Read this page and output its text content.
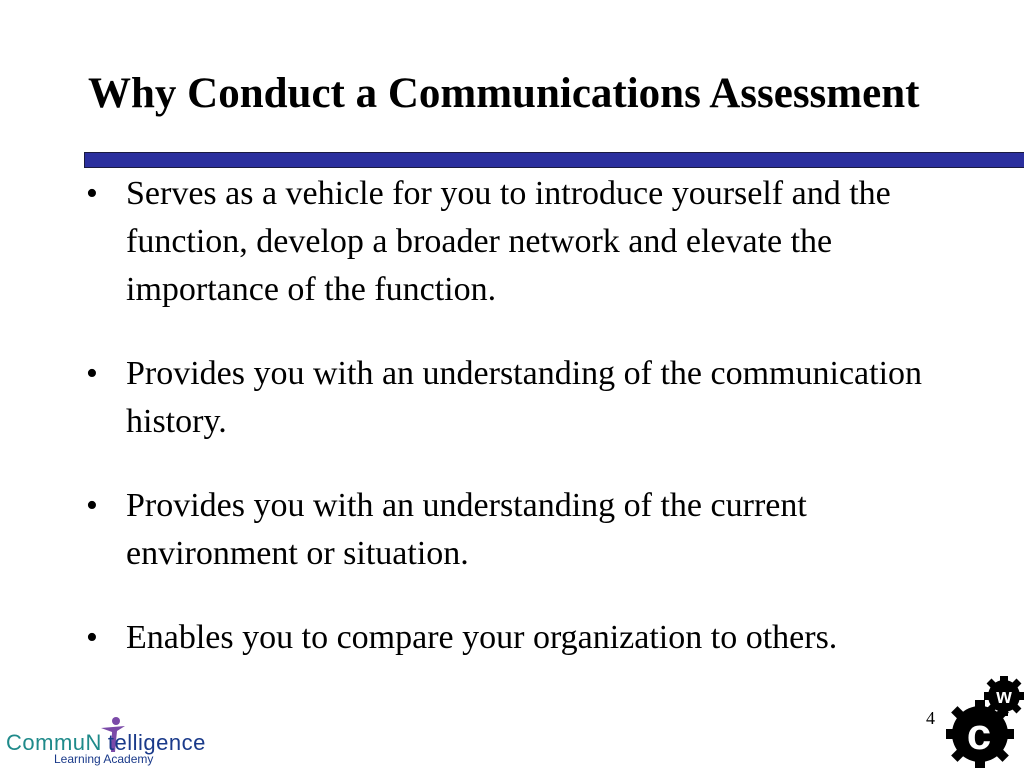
Why Conduct a Communications Assessment
• Serves as a vehicle for you to introduce yourself and the function, develop a broader network and elevate the importance of the function.
• Provides you with an understanding of the communication history.
• Provides you with an understanding of the current environment or situation.
• Enables you to compare your organization to others.
4
CommuN telligence
Learning Academy
w
c
